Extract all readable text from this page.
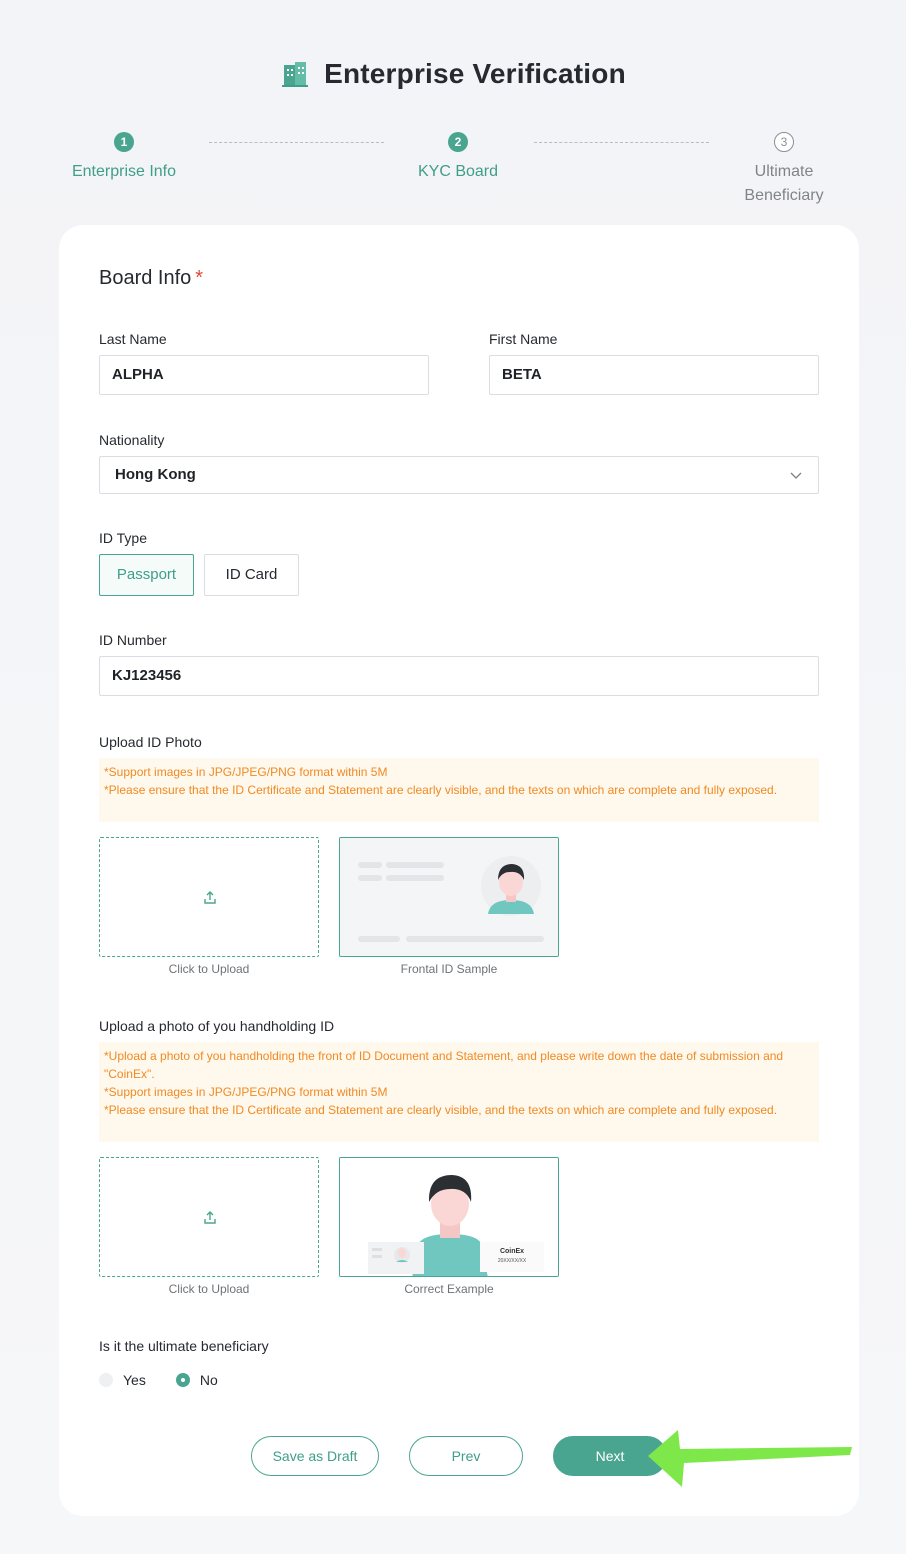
Enterprise Verification
1
Enterprise Info
2
KYC Board
3
Ultimate Beneficiary
Board Info *
Last Name
ALPHA
First Name
BETA
Nationality
Hong Kong
ID Type
Passport	ID Card
ID Number
KJ123456
Upload ID Photo
*Support images in JPG/JPEG/PNG format within 5M
*Please ensure that the ID Certificate and Statement are clearly visible, and the texts on which are complete and fully exposed.
Click to Upload	Frontal ID Sample
Upload a photo of you handholding ID
*Upload a photo of you handholding the front of ID Document and Statement, and please write down the date of submission and "CoinEx".
*Support images in JPG/JPEG/PNG format within 5M
*Please ensure that the ID Certificate and Statement are clearly visible, and the texts on which are complete and fully exposed.
Click to Upload
CoinEx
20XX/XX/XX
Correct Example
Is it the ultimate beneficiary
Yes	No
Save as Draft	Prev	Next
